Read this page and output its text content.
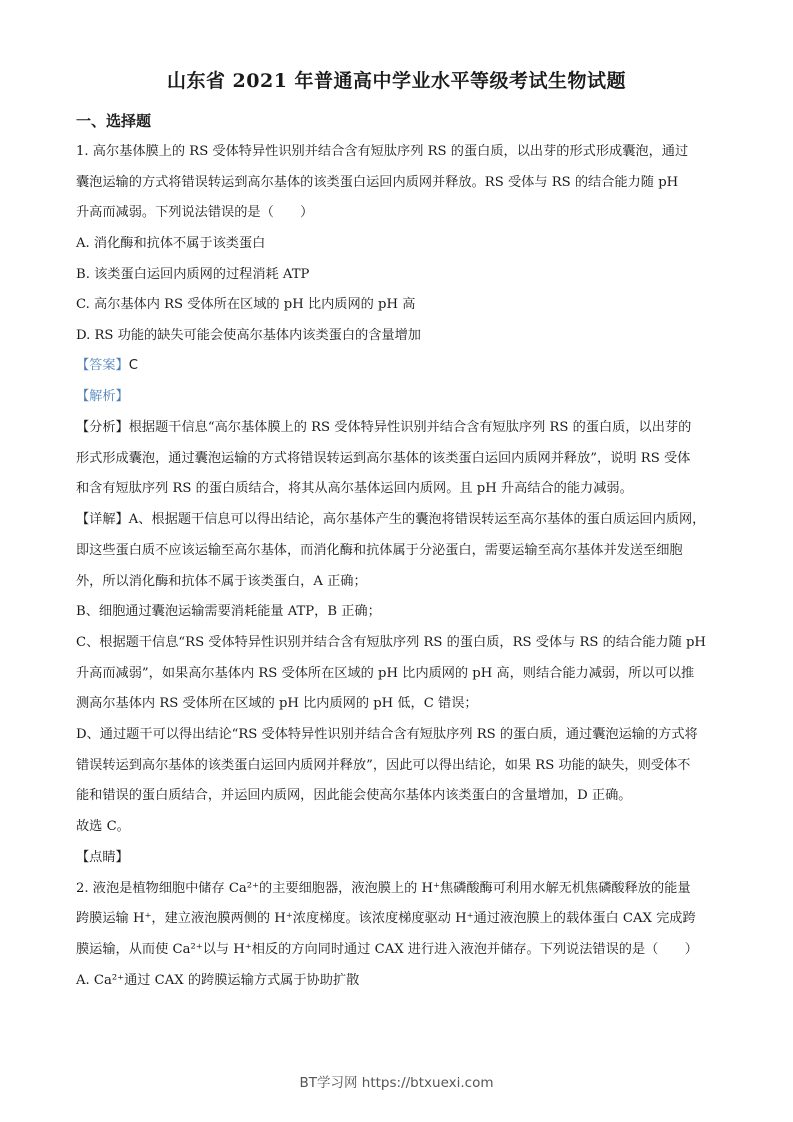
山东省 2021 年普通高中学业水平等级考试生物试题
一、选择题
1. 高尔基体膜上的 RS 受体特异性识别并结合含有短肽序列 RS 的蛋白质，以出芽的形式形成囊泡，通过
囊泡运输的方式将错误转运到高尔基体的该类蛋白运回内质网并释放。RS 受体与 RS 的结合能力随 pH
升高而减弱。下列说法错误的是（　　）
A. 消化酶和抗体不属于该类蛋白
B. 该类蛋白运回内质网的过程消耗 ATP
C. 高尔基体内 RS 受体所在区域的 pH 比内质网的 pH 高
D. RS 功能的缺失可能会使高尔基体内该类蛋白的含量增加
【答案】C
【解析】
【分析】根据题干信息“高尔基体膜上的 RS 受体特异性识别并结合含有短肽序列 RS 的蛋白质，以出芽的
形式形成囊泡，通过囊泡运输的方式将错误转运到高尔基体的该类蛋白运回内质网并释放”，说明 RS 受体
和含有短肽序列 RS 的蛋白质结合，将其从高尔基体运回内质网。且 pH 升高结合的能力减弱。
【详解】A、根据题干信息可以得出结论，高尔基体产生的囊泡将错误转运至高尔基体的蛋白质运回内质网，
即这些蛋白质不应该运输至高尔基体，而消化酶和抗体属于分泌蛋白，需要运输至高尔基体并发送至细胞
外，所以消化酶和抗体不属于该类蛋白，A 正确；
B、细胞通过囊泡运输需要消耗能量 ATP，B 正确；
C、根据题干信息“RS 受体特异性识别并结合含有短肽序列 RS 的蛋白质，RS 受体与 RS 的结合能力随 pH
升高而减弱”，如果高尔基体内 RS 受体所在区域的 pH 比内质网的 pH 高，则结合能力减弱，所以可以推
测高尔基体内 RS 受体所在区域的 pH 比内质网的 pH 低，C 错误；
D、通过题干可以得出结论“RS 受体特异性识别并结合含有短肽序列 RS 的蛋白质，通过囊泡运输的方式将
错误转运到高尔基体的该类蛋白运回内质网并释放”，因此可以得出结论，如果 RS 功能的缺失，则受体不
能和错误的蛋白质结合，并运回内质网，因此能会使高尔基体内该类蛋白的含量增加，D 正确。
故选 C。
【点睛】
2. 液泡是植物细胞中储存 Ca²⁺的主要细胞器，液泡膜上的 H⁺焦磷酸酶可利用水解无机焦磷酸释放的能量
跨膜运输 H⁺，建立液泡膜两侧的 H⁺浓度梯度。该浓度梯度驱动 H⁺通过液泡膜上的载体蛋白 CAX 完成跨
膜运输，从而使 Ca²⁺以与 H⁺相反的方向同时通过 CAX 进行进入液泡并储存。下列说法错误的是（　　）
A. Ca²⁺通过 CAX 的跨膜运输方式属于协助扩散
BT学习网 https://btxuexi.com
